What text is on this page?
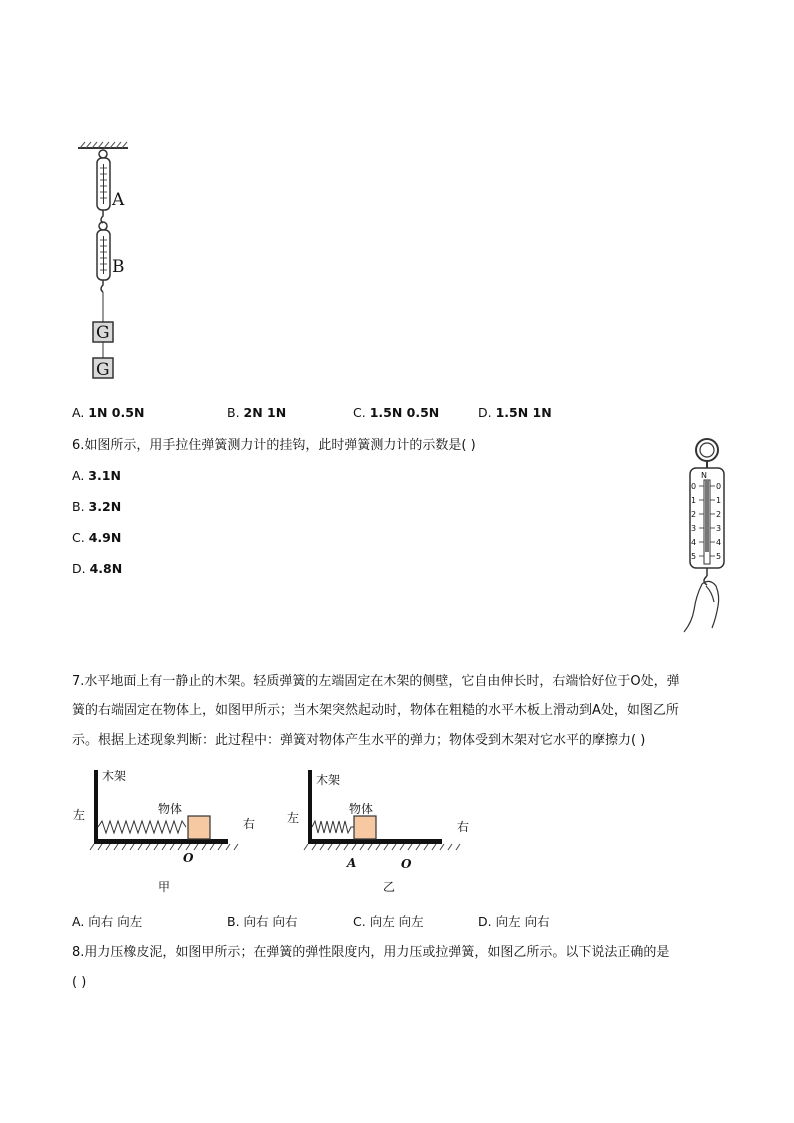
A
B
G
G
A. 1N 0.5N	B. 2N 1N	C. 1.5N 0.5N	D. 1.5N 1N
6.如图所示，用手拉住弹簧测力计的挂钩，此时弹簧测力计的示数是( )
A. 3.1N
B. 3.2N
C. 4.9N
D. 4.8N
N
0
1
2
3
4
5
0
1
2
3
4
5
7.水平地面上有一静止的木架。轻质弹簧的左端固定在木架的侧壁，它自由伸长时，右端恰好位于O处，弹
簧的右端固定在物体上，如图甲所示；当木架突然起动时，物体在粗糙的水平木板上滑动到A处，如图乙所
示。根据上述现象判断：此过程中：弹簧对物体产生水平的弹力；物体受到木架对它水平的摩擦力( )
木架
物体
左
右
O
甲
木架
物体
左
右
A	O
乙
A. 向右 向左	B. 向右 向右	C. 向左 向左	D. 向左 向右
8.用力压橡皮泥，如图甲所示；在弹簧的弹性限度内，用力压或拉弹簧，如图乙所示。以下说法正确的是
( )
